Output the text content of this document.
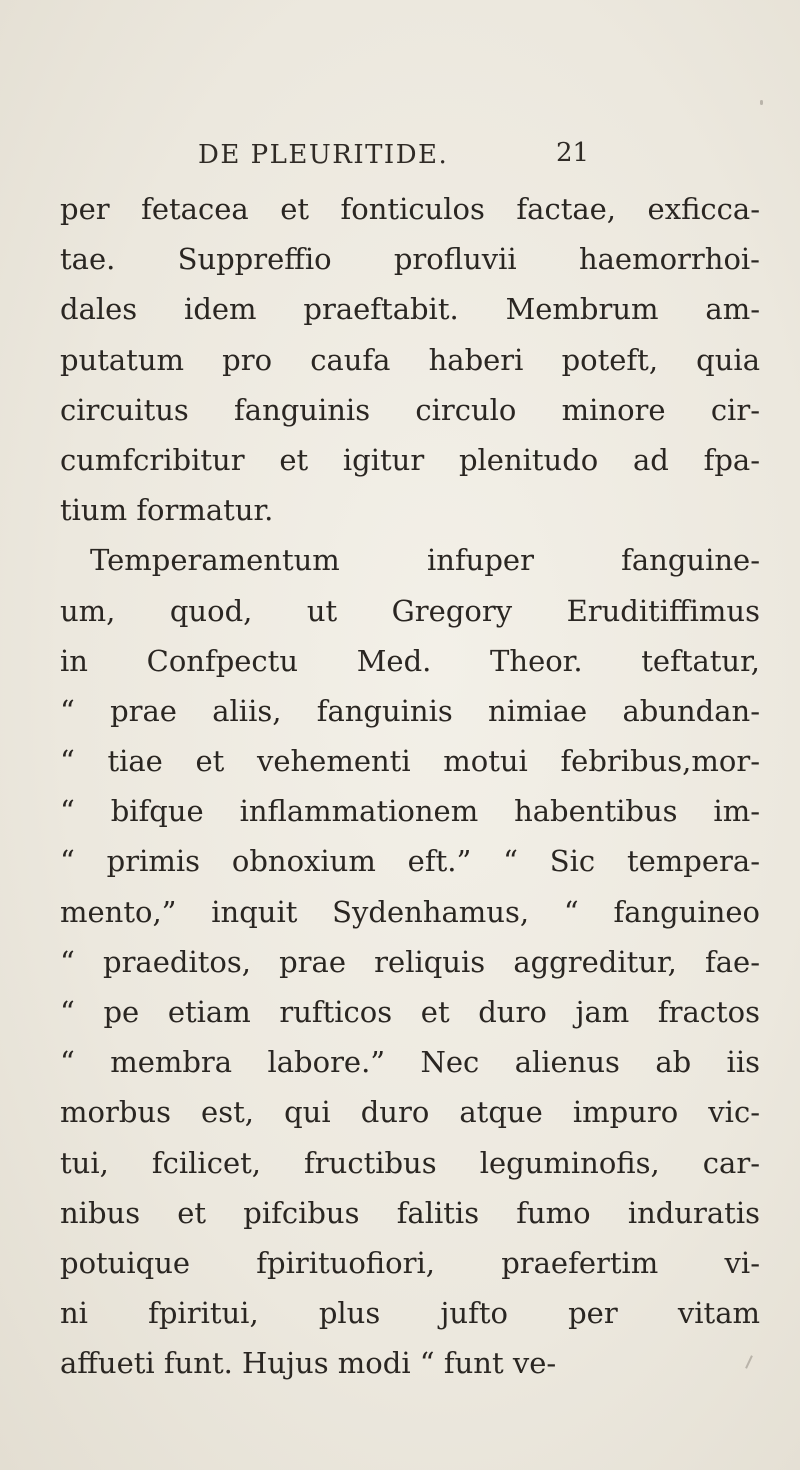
DE PLEURITIDE.	21
per fetacea et fonticulos factae, exficca-
tae. Suppreffio profluvii haemorrhoi-
dales idem praeftabit. Membrum am-
putatum pro caufa haberi poteft, quia
circuitus fanguinis circulo minore cir-
cumfcribitur et igitur plenitudo ad fpa-
tium formatur.
Temperamentum infuper fanguine-
um, quod, ut Gregory Eruditiffimus
in Confpectu Med. Theor. teftatur,
“ prae aliis, fanguinis nimiae abundan-
“ tiae et vehementi motui febribus,mor-
“ bifque inflammationem habentibus im-
“ primis obnoxium eft.” “ Sic tempera-
mento,” inquit Sydenhamus, “ fanguineo
“ praeditos, prae reliquis aggreditur, fae-
“ pe etiam rufticos et duro jam fractos
“ membra labore.” Nec alienus ab iis
morbus est, qui duro atque impuro vic-
tui, fcilicet, fructibus leguminofis, car-
nibus et pifcibus falitis fumo induratis
potuique fpirituofiori, praefertim vi-
ni fpiritui, plus jufto per vitam
affueti funt. Hujus modi “ funt ve-
